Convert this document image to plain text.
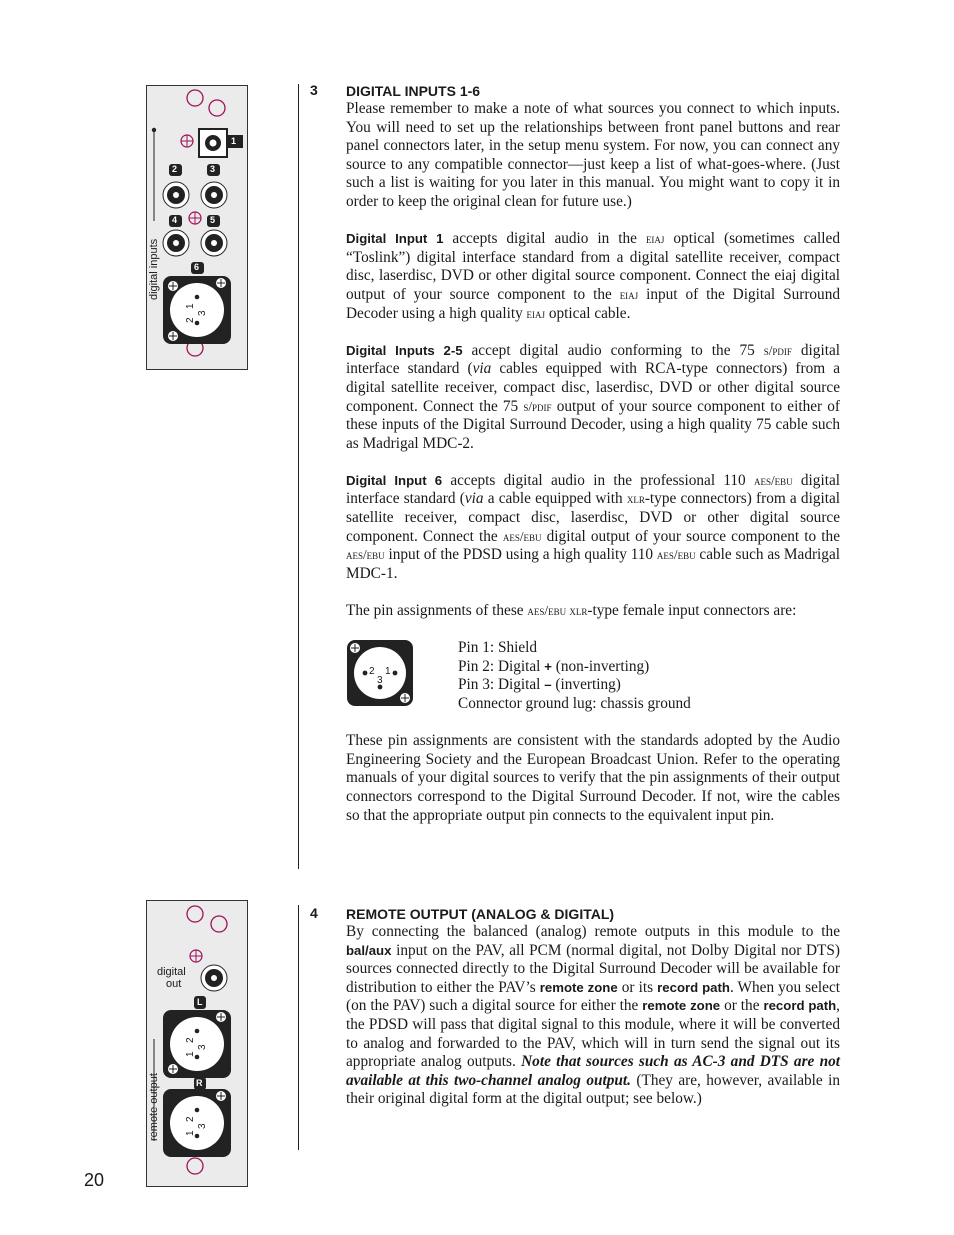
1
2	3
4	5
6
1
2
3
digital inputs
digital
out
L
R
1
2
3
1
2
3
remote output
3 DIGITAL INPUTS 1-6

Please remember to make a note of what sources you connect to which inputs. You will need to set up the relationships between front panel buttons and rear panel connectors later, in the setup menu system. For now, you can connect any source to any compatible connector—just keep a list of what-goes-where. (Just such a list is waiting for you later in this manual. You might want to copy it in order to keep the original clean for future use.)

Digital Input 1 accepts digital audio in the eiaj optical (sometimes called “Toslink”) digital interface standard from a digital satellite receiver, compact disc, laserdisc, DVD or other digital source component. Connect the eiaj digital output of your source component to the eiaj input of the Digital Surround Decoder using a high quality eiaj optical cable.

Digital Inputs 2-5 accept digital audio conforming to the 75 s/pdif digital interface standard (via cables equipped with RCA-type connectors) from a digital satellite receiver, compact disc, laserdisc, DVD or other digital source component. Connect the 75 s/pdif output of your source component to either of these inputs of the Digital Surround Decoder, using a high quality 75 cable such as Madrigal MDC-2.

Digital Input 6 accepts digital audio in the professional 110 aes/ebu digital interface standard (via a cable equipped with xlr-type connectors) from a digital satellite receiver, compact disc, laserdisc, DVD or other digital source component. Connect the aes/ebu digital output of your source component to the aes/ebu input of the PDSD using a high quality 110 aes/ebu cable such as Madrigal MDC-1.

The pin assignments of these aes/ebu xlr-type female input connectors are:

2 1
3
Pin 1: Shield
Pin 2: Digital + (non-inverting)
Pin 3: Digital – (inverting)
Connector ground lug: chassis ground

These pin assignments are consistent with the standards adopted by the Audio Engineering Society and the European Broadcast Union. Refer to the operating manuals of your digital sources to verify that the pin assignments of their output connectors correspond to the Digital Surround Decoder. If not, wire the cables so that the appropriate output pin connects to the equivalent input pin.

4 REMOTE OUTPUT (ANALOG & DIGITAL)

By connecting the balanced (analog) remote outputs in this module to the bal/aux input on the PAV, all PCM (normal digital, not Dolby Digital nor DTS) sources connected directly to the Digital Surround Decoder will be available for distribution to either the PAV’s remote zone or its record path. When you select (on the PAV) such a digital source for either the remote zone or the record path, the PDSD will pass that digital signal to this module, where it will be converted to analog and forwarded to the PAV, which will in turn send the signal out its appropriate analog outputs. Note that sources such as AC-3 and DTS are not available at this two-channel analog output. (They are, however, available in their original digital form at the digital output; see below.)

20
